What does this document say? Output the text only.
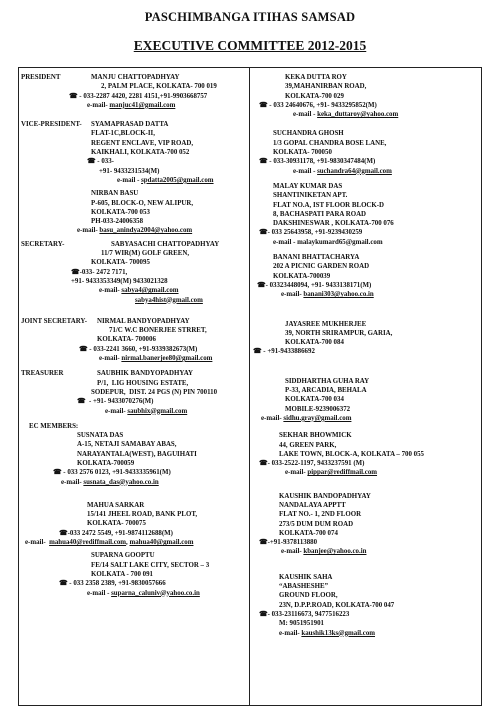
PASCHIMBANGA ITIHAS SAMSAD
EXECUTIVE COMMITTEE 2012-2015
PRESIDENT	MANJU CHATTOPADHYAY
2, PALM PLACE, KOLKATA- 700 019
☎ - 033-2287 4420, 2281 4151,+91-9903668757
e-mail- manjuc41@gmail.com
VICE-PRESIDENT- SYAMAPRASAD DATTA
FLAT-1C,BLOCK-II,
REGENT ENCLAVE, VIP ROAD,
KAIKHALI, KOLKATA-700 052
☎ - 033-
+91- 9433231534(M)
e-mail - spdatta2005@gmail.com
NIRBAN BASU
P-605, BLOCK-O, NEW ALIPUR,
KOLKATA-700 053
PH-033-24006358
e-mail- basu_anindya2004@yahoo.com
SECRETARY-	SABYASACHI CHATTOPADHYAY
11/7 WIR(M) GOLF GREEN,
KOLKATA- 700095
☎-033- 2472 7171,
+91- 9433353349(M) 9433021328
e-mail- sabya4@gmail.com
sabya4hist@gmail.com
JOINT SECRETARY- NIRMAL BANDYOPADHYAY
71/C W.C BONERJEE STRRET,
KOLKATA- 700006
☎ - 033-2241 3660, +91-9339382673(M)
e-mail- nirmal.banerjee80@gmail.com
TREASURER	SAUBHIK BANDYOPADHYAY
P/1,  LIG HOUSING ESTATE,
SODEPUR,  DIST. 24 PGS (N) PIN 700110
☎  - +91- 9433070276(M)
e-mail- saubhix@gmail.com
EC MEMBERS:
SUSNATA DAS
A-15, NETAJI SAMABAY ABAS,
NARAYANTALA(WEST), BAGUIHATI
KOLKATA-700059
☎ - 033 2576 0123, +91-9433335961(M)
e-mail- susnata_das@yahoo.co.in
MAHUA SARKAR
15/141 JHEEL ROAD, BANK PLOT,
KOLKATA- 700075
☎-033 2472 5549, +91-9874112688(M)
e-mail-  mahua40@rediffmail.com, mahua40@gmail.com
SUPARNA GOOPTU
FE/14 SALT LAKE CITY, SECTOR – 3
KOLKATA - 700 091
☎ - 033 2358 2389, +91-9830057666
e-mail - suparna_caluniv@yahoo.co.in
KEKA DUTTA ROY
39,MAHANIRBAN ROAD,
KOLKATA-700 029
☎ - 033 24640676, +91- 9433295852(M)
e-mail - keka_duttaroy@yahoo.com
SUCHANDRA GHOSH
1/3 GOPAL CHANDRA BOSE LANE,
KOLKATA- 700050
☎ - 033-30931178, +91-9830347484(M)
e-mail - suchandra64@gmail.com
MALAY KUMAR DAS
SHANTINIKETAN APT.
FLAT NO.A, IST FLOOR BLOCK-D
8, BACHASPATI PARA ROAD
DAKSHINESWAR , KOLKATA-700 076
☎- 033 25643958, +91-9239430259
e-mail - malaykumard65@gmail.com
BANANI BHATTACHARYA
202 A PICNIC GARDEN ROAD
KOLKATA-700039
☎- 03323448094, +91- 9433138171(M)
e-mail- banani303@yahoo.co.in
JAYASREE MUKHERJEE
39, NORTH SRIRAMPUR, GARIA,
KOLKATA-700 084
☎ - +91-9433886692
SIDDHARTHA GUHA RAY
P-33, ARCADIA, BEHALA
KOLKATA-700 034
MOBILE-9239006372
e-mail- sidhu.gray@gmail.com
SEKHAR BHOWMICK
44, GREEN PARK,
LAKE TOWN, BLOCK-A, KOLKATA – 700 055
☎- 033-2522-1197, 9433237591 (M)
e-mail- pippar@rediffmail.com
KAUSHIK BANDOPADHYAY
NANDALAYA APPTT
FLAT NO.- 1, 2ND FLOOR
273/5 DUM DUM ROAD
KOLKATA-700 074
☎-+91-9378113880
e-mail- kbanjee@yahoo.co.in
KAUSHIK SAHA
“ABASHESHE”
GROUND FLOOR,
23N, D.P.P.ROAD, KOLKATA-700 047
☎- 033-23116673, 9477516223
M: 9051951901
e-mail- kaushik13ks@gmail.com
